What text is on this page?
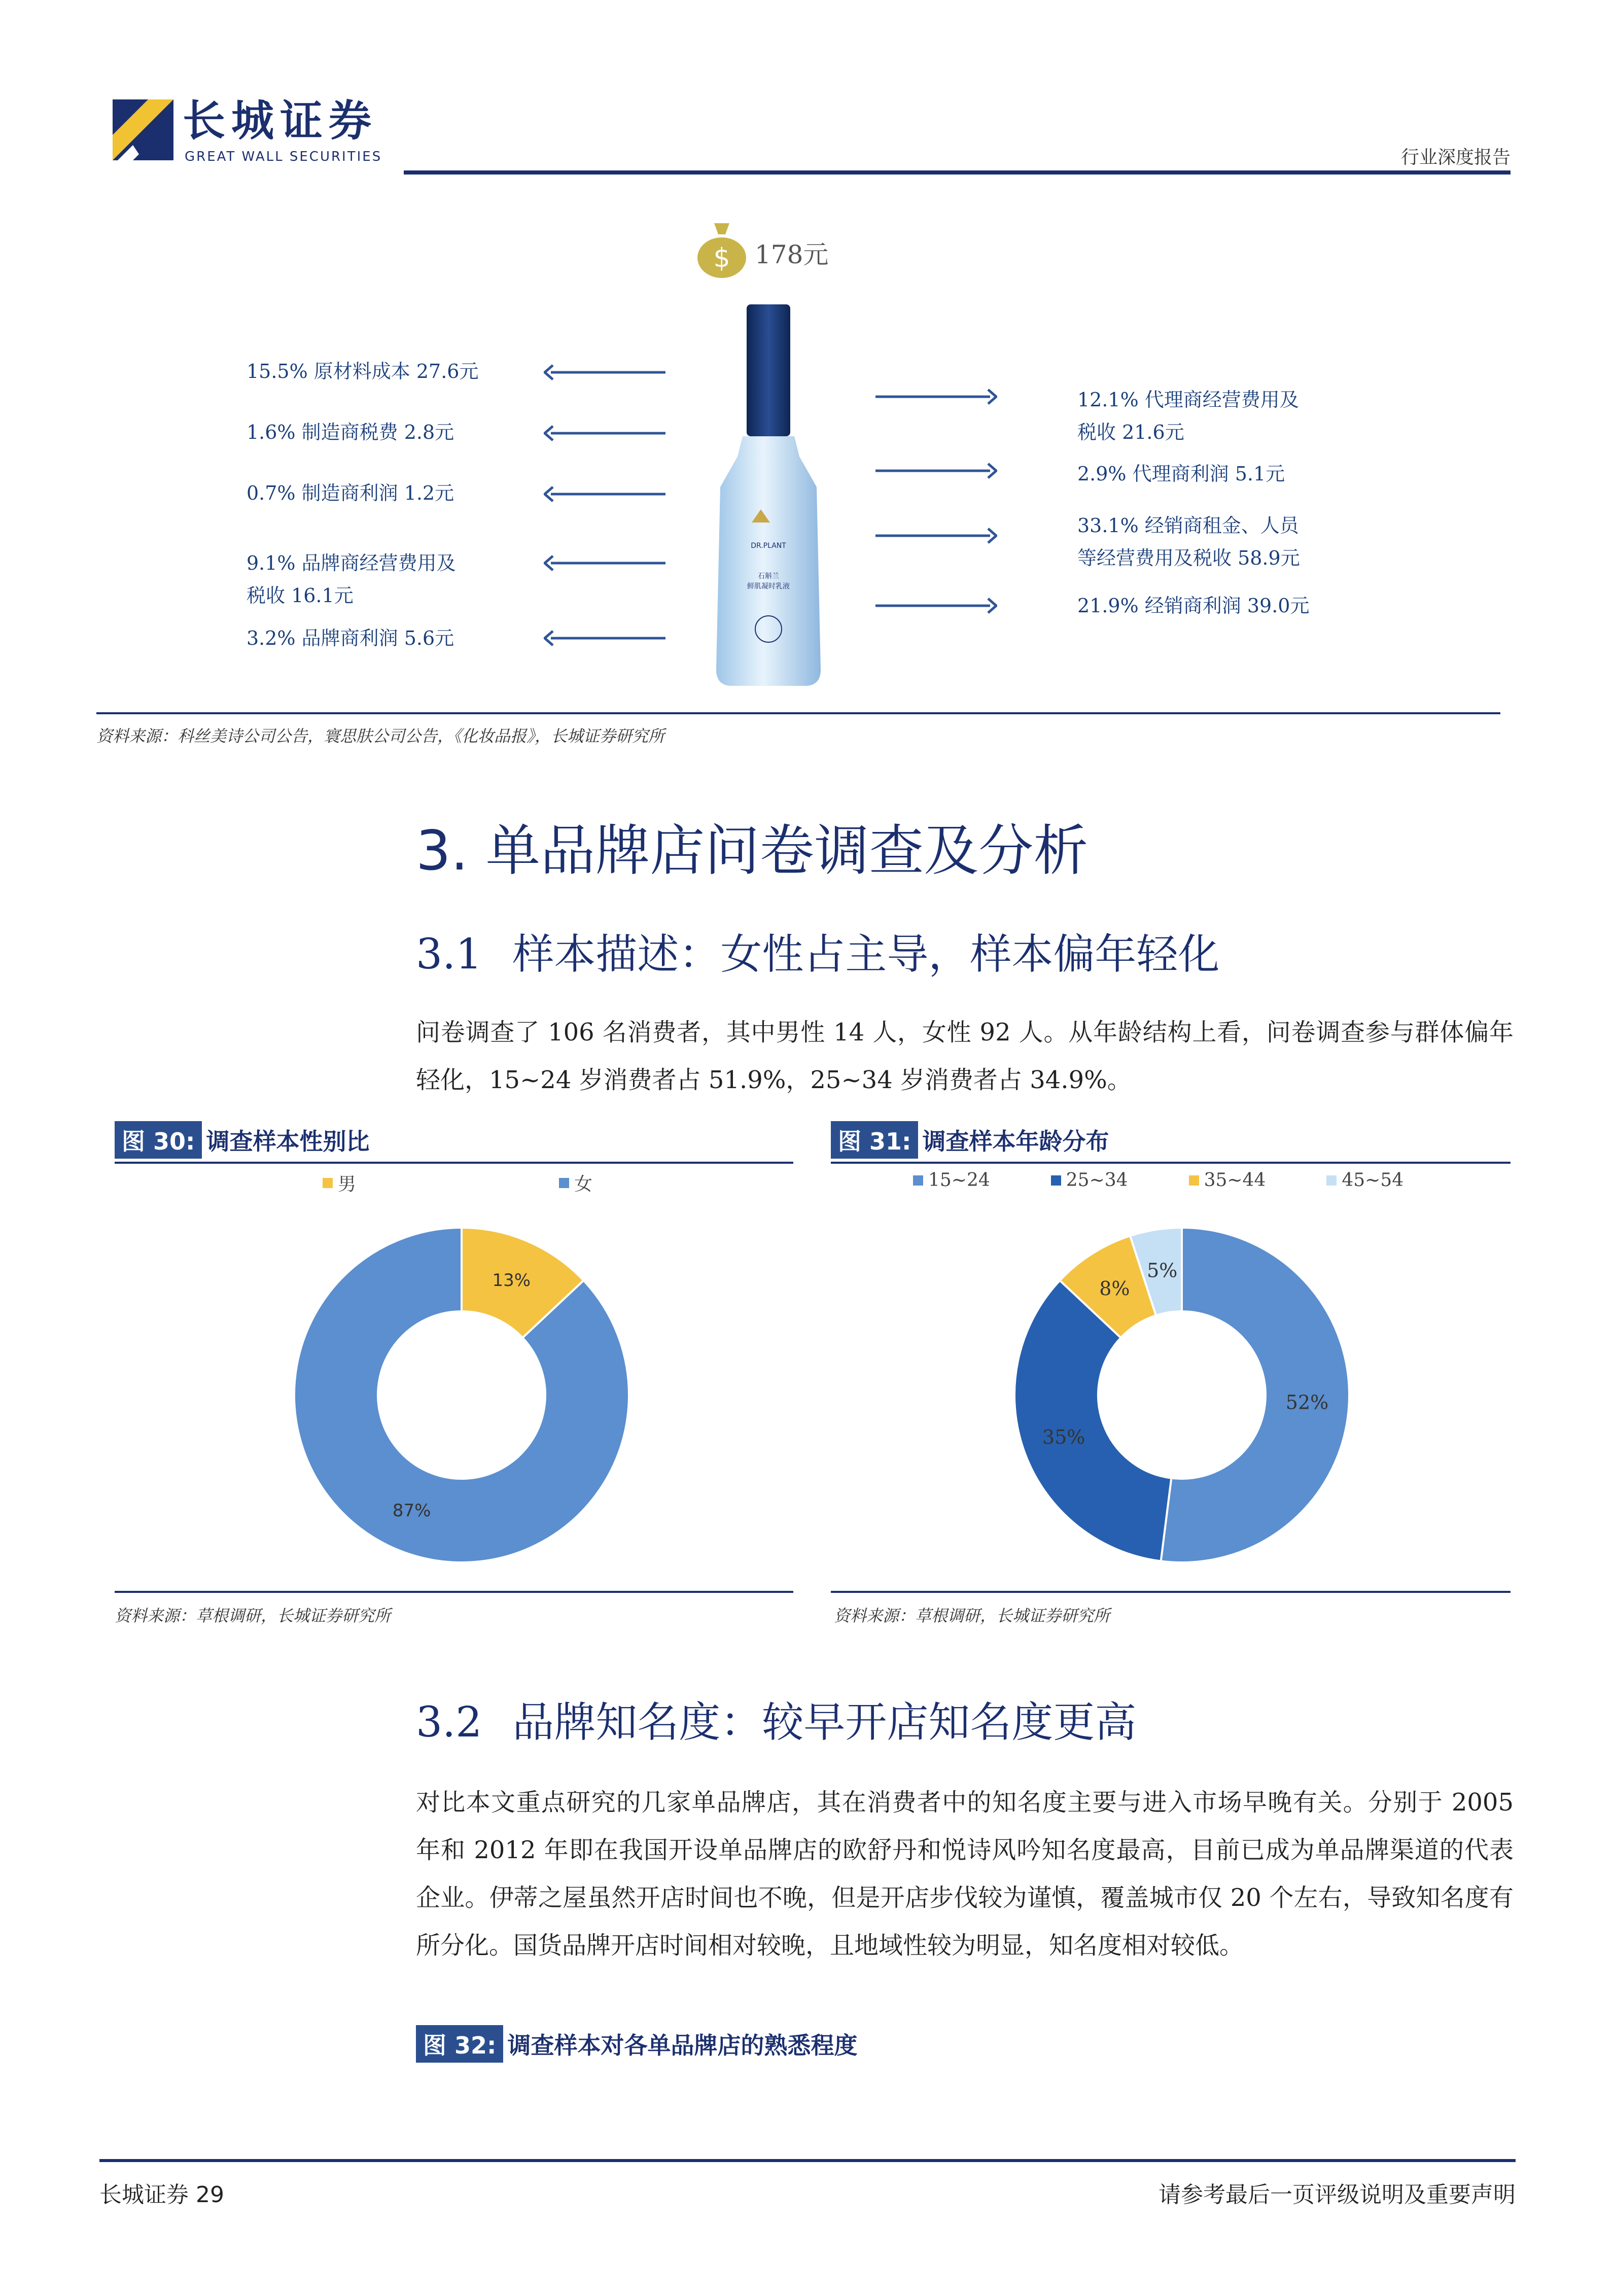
长城证券
GREAT WALL SECURITIES	行业深度报告
$ 178元
DR.PLANT
石斛兰
鲜肌凝时乳液
15.5% 原材料成本 27.6元
1.6% 制造商税费 2.8元
0.7% 制造商利润 1.2元
9.1% 品牌商经营费用及
税收 16.1元
3.2% 品牌商利润 5.6元
12.1% 代理商经营费用及
税收 21.6元
2.9% 代理商利润 5.1元
33.1% 经销商租金、人员
等经营费用及税收 58.9元
21.9% 经销商利润 39.0元
资料来源：科丝美诗公司公告，寰思肤公司公告，《化妆品报》，长城证券研究所
3. 单品牌店问卷调查及分析
3.1 样本描述：女性占主导，样本偏年轻化
问卷调查了 106 名消费者，其中男性 14 人，女性 92 人。从年龄结构上看，问卷调查参与群体偏年轻化，15~24 岁消费者占 51.9%，25~34 岁消费者占 34.9%。
图 30: 调查样本性别比
男	女
13%
87%
资料来源：草根调研，长城证券研究所
图 31: 调查样本年龄分布
15~24	25~34	35~44	45~54
52%
35%
8%
5%
资料来源：草根调研，长城证券研究所
3.2 品牌知名度：较早开店知名度更高
对比本文重点研究的几家单品牌店，其在消费者中的知名度主要与进入市场早晚有关。分别于 2005 年和 2012 年即在我国开设单品牌店的欧舒丹和悦诗风吟知名度最高，目前已成为单品牌渠道的代表企业。伊蒂之屋虽然开店时间也不晚，但是开店步伐较为谨慎，覆盖城市仅 20 个左右，导致知名度有所分化。国货品牌开店时间相对较晚，且地域性较为明显，知名度相对较低。
图 32: 调查样本对各单品牌店的熟悉程度
长城证券 29	请参考最后一页评级说明及重要声明
